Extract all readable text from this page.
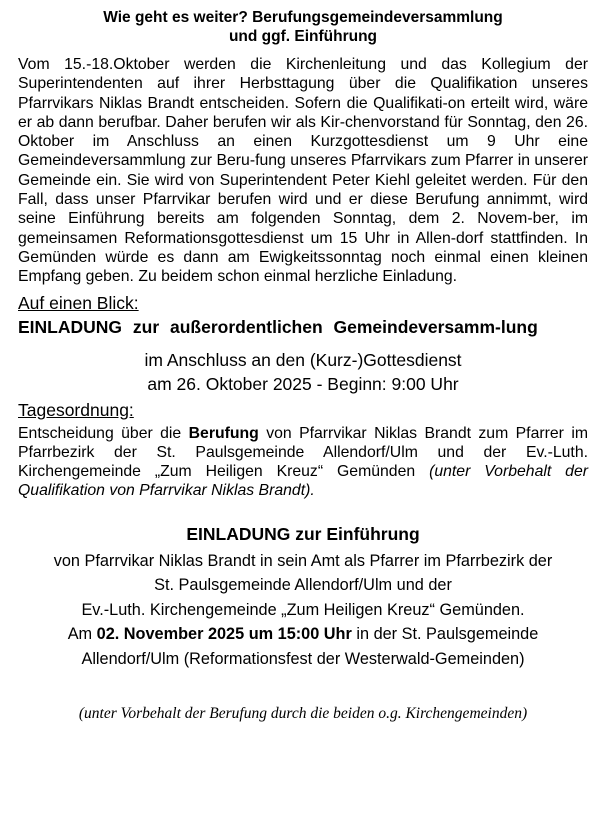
Wie geht es weiter? Berufungsgemeindeversammlung
und ggf. Einführung

Vom 15.-18.Oktober werden die Kirchenleitung und das Kollegium der Superintendenten auf ihrer Herbsttagung über die Qualifikation unseres Pfarrvikars Niklas Brandt entscheiden. Sofern die Qualifikati-on erteilt wird, wäre er ab dann berufbar. Daher berufen wir als Kir-chenvorstand für Sonntag, den 26. Oktober im Anschluss an einen Kurzgottesdienst um 9 Uhr eine Gemeindeversammlung zur Beru-fung unseres Pfarrvikars zum Pfarrer in unserer Gemeinde ein. Sie wird von Superintendent Peter Kiehl geleitet werden. Für den Fall, dass unser Pfarrvikar berufen wird und er diese Berufung annimmt, wird seine Einführung bereits am folgenden Sonntag, dem 2. Novem-ber, im gemeinsamen Reformationsgottesdienst um 15 Uhr in Allen-dorf stattfinden. In Gemünden würde es dann am Ewigkeitssonntag noch einmal einen kleinen Empfang geben. Zu beidem schon einmal herzliche Einladung.

Auf einen Blick:
EINLADUNG zur außerordentlichen Gemeindeversamm-lung

im Anschluss an den (Kurz-)Gottesdienst

am 26. Oktober 2025 - Beginn: 9:00 Uhr

Tagesordnung:

Entscheidung über die Berufung von Pfarrvikar Niklas Brandt zum Pfarrer im Pfarrbezirk der St. Paulsgemeinde Allendorf/Ulm und der Ev.-Luth. Kirchengemeinde „Zum Heiligen Kreuz“ Gemünden (unter Vorbehalt der Qualifikation von Pfarrvikar Niklas Brandt).

EINLADUNG zur Einführung

von Pfarrvikar Niklas Brandt in sein Amt als Pfarrer im Pfarrbezirk der

St. Paulsgemeinde Allendorf/Ulm und der

Ev.-Luth. Kirchengemeinde „Zum Heiligen Kreuz“ Gemünden.

Am 02. November 2025 um 15:00 Uhr in der St. Paulsgemeinde

Allendorf/Ulm (Reformationsfest der Westerwald-Gemeinden)

(unter Vorbehalt der Berufung durch die beiden o.g. Kirchengemeinden)
